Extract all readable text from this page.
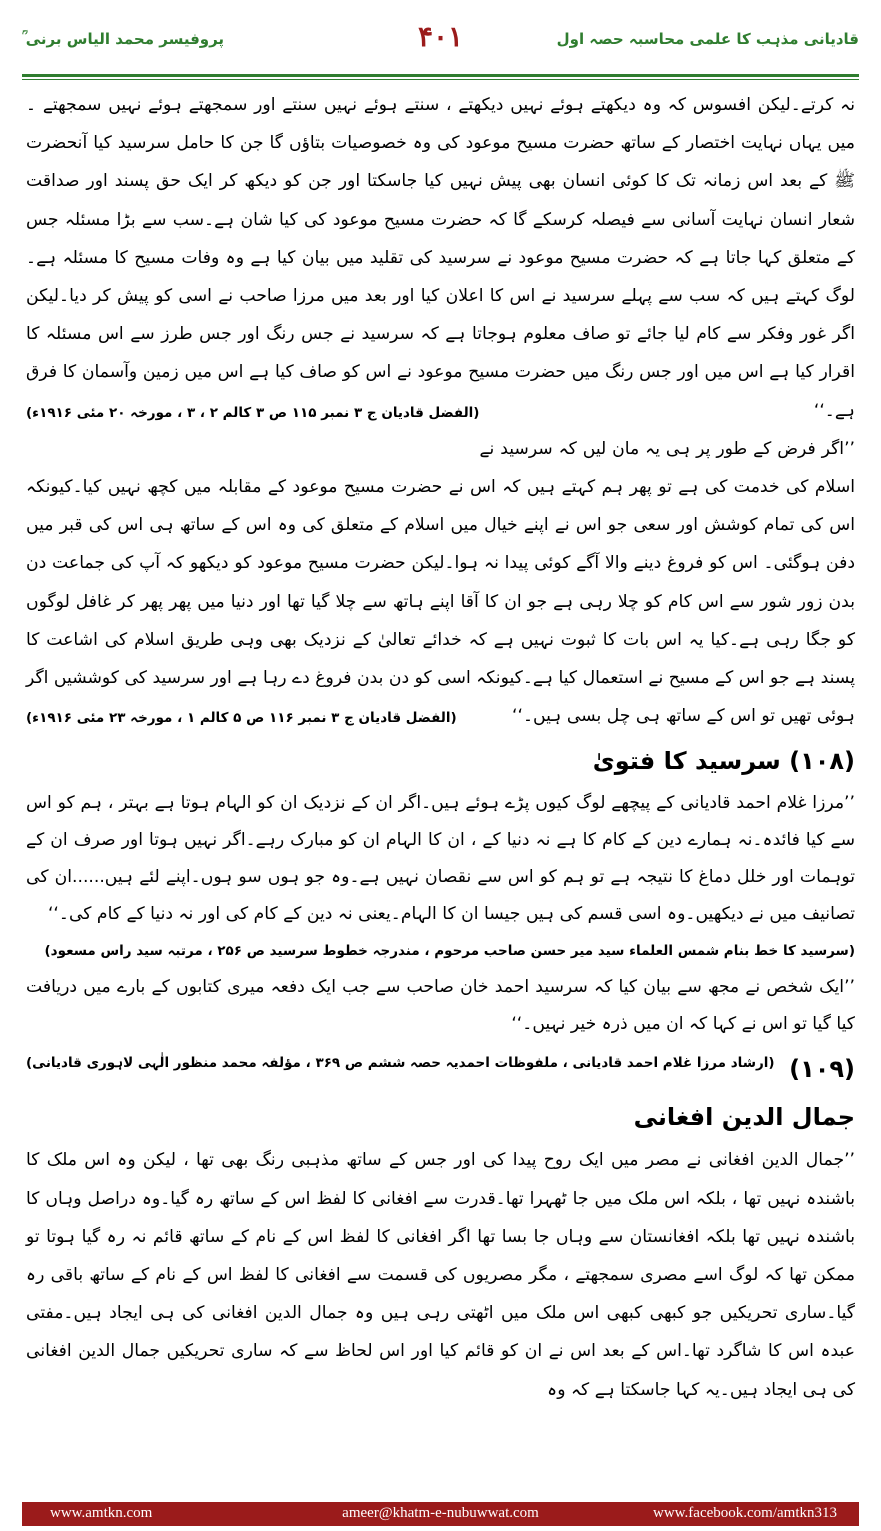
قادیانی مذہب کا علمی محاسبہ حصہ اول
۴۰۱
پروفیسر محمد الیاس برنی ؒ
نہ کرتے۔لیکن افسوس کہ وہ دیکھتے ہوئے نہیں دیکھتے ، سنتے ہوئے نہیں سنتے اور سمجھتے ہوئے نہیں سمجھتے ۔میں یہاں نہایت اختصار کے ساتھ حضرت مسیح موعود کی وہ خصوصیات بتاؤں گا جن کا حامل سرسید کیا آنحضرت ﷺ کے بعد اس زمانہ تک کا کوئی انسان بھی پیش نہیں کیا جاسکتا اور جن کو دیکھ کر ایک حق پسند اور صداقت شعار انسان نہایت آسانی سے فیصلہ کرسکے گا کہ حضرت مسیح موعود کی کیا شان ہے۔سب سے بڑا مسئلہ جس کے متعلق کہا جاتا ہے کہ حضرت مسیح موعود نے سرسید کی تقلید میں بیان کیا ہے وہ وفات مسیح کا مسئلہ ہے۔لوگ کہتے ہیں کہ سب سے پہلے سرسید نے اس کا اعلان کیا اور بعد میں مرزا صاحب نے اسی کو پیش کر دیا۔لیکن اگر غور وفکر سے کام لیا جائے تو صاف معلوم ہوجاتا ہے کہ سرسید نے جس رنگ اور جس طرز سے اس مسئلہ کا اقرار کیا ہے اس میں اور جس رنگ میں حضرت مسیح موعود نے اس کو صاف کیا ہے اس میں زمین وآسمان کا فرق ہے۔‘‘
(الفضل قادیان ج ۳ نمبر ۱۱۵ ص ۳ کالم ۲ ، ۳ ، مورخہ ۲۰ مئی ۱۹۱۶ء)
’’اگر فرض کے طور پر ہی یہ مان لیں کہ سرسید نے اسلام کی خدمت کی ہے تو پھر ہم کہتے ہیں کہ اس نے حضرت مسیح موعود کے مقابلہ میں کچھ نہیں کیا۔کیونکہ اس کی تمام کوشش اور سعی جو اس نے اپنے خیال میں اسلام کے متعلق کی وہ اس کے ساتھ ہی اس کی قبر میں دفن ہوگئی۔ اس کو فروغ دینے والا آگے کوئی پیدا نہ ہوا۔لیکن حضرت مسیح موعود کو دیکھو کہ آپ کی جماعت دن بدن زور شور سے اس کام کو چلا رہی ہے جو ان کا آقا اپنے ہاتھ سے چلا گیا تھا اور دنیا میں پھر پھر کر غافل لوگوں کو جگا رہی ہے۔کیا یہ اس بات کا ثبوت نہیں ہے کہ خدائے تعالیٰ کے نزدیک بھی وہی طریق اسلام کی اشاعت کا پسند ہے جو اس کے مسیح نے استعمال کیا ہے۔کیونکہ اسی کو دن بدن فروغ دے رہا ہے اور سرسید کی کوششیں اگر ہوئی تھیں تو اس کے ساتھ ہی چل بسی ہیں۔‘‘
(الفضل قادیان ج ۳ نمبر ۱۱۶ ص ۵ کالم ۱ ، مورخہ ۲۳ مئی ۱۹۱۶ء)
(۱۰۸) سرسید کا فتویٰ
’’مرزا غلام احمد قادیانی کے پیچھے لوگ کیوں پڑے ہوئے ہیں۔اگر ان کے نزدیک ان کو الہام ہوتا ہے بہتر ، ہم کو اس سے کیا فائدہ۔نہ ہمارے دین کے کام کا ہے نہ دنیا کے ، ان کا الہام ان کو مبارک رہے۔اگر نہیں ہوتا اور صرف ان کے توہمات اور خلل دماغ کا نتیجہ ہے تو ہم کو اس سے نقصان نہیں ہے۔وہ جو ہوں سو ہوں۔اپنے لئے ہیں......ان کی تصانیف میں نے دیکھیں۔وہ اسی قسم کی ہیں جیسا ان کا الہام۔یعنی نہ دین کے کام کی اور نہ دنیا کے کام کی۔‘‘
(سرسید کا خط بنام شمس العلماء سید میر حسن صاحب مرحوم ، مندرجہ خطوط سرسید ص ۲۵۶ ، مرتبہ سید راس مسعود)
’’ایک شخص نے مجھ سے بیان کیا کہ سرسید احمد خان صاحب سے جب ایک دفعہ میری کتابوں کے بارے میں دریافت کیا گیا تو اس نے کہا کہ ان میں ذرہ خیر نہیں۔‘‘
(ارشاد مرزا غلام احمد قادیانی ، ملفوظات احمدیہ حصہ ششم ص ۳۶۹ ، مؤلفہ محمد منظور الٰہی لاہوری قادیانی) (۱۰۹) جمال الدین افغانی
’’جمال الدین افغانی نے مصر میں ایک روح پیدا کی اور جس کے ساتھ مذہبی رنگ بھی تھا ، لیکن وہ اس ملک کا باشندہ نہیں تھا ، بلکہ اس ملک میں جا ٹھہرا تھا۔قدرت سے افغانی کا لفظ اس کے ساتھ رہ گیا۔وہ دراصل وہاں کا باشندہ نہیں تھا بلکہ افغانستان سے وہاں جا بسا تھا اگر افغانی کا لفظ اس کے نام کے ساتھ قائم نہ رہ گیا ہوتا تو ممکن تھا کہ لوگ اسے مصری سمجھتے ، مگر مصریوں کی قسمت سے افغانی کا لفظ اس کے نام کے ساتھ باقی رہ گیا۔ساری تحریکیں جو کبھی کبھی اس ملک میں اٹھتی رہی ہیں وہ جمال الدین افغانی کی ہی ایجاد ہیں۔مفتی عبدہ اس کا شاگرد تھا۔اس کے بعد اس نے ان کو قائم کیا اور اس لحاظ سے کہ ساری تحریکیں جمال الدین افغانی کی ہی ایجاد ہیں۔یہ کہا جاسکتا ہے کہ وہ
www.amtkn.com	ameer@khatm-e-nubuwwat.com	www.facebook.com/amtkn313
